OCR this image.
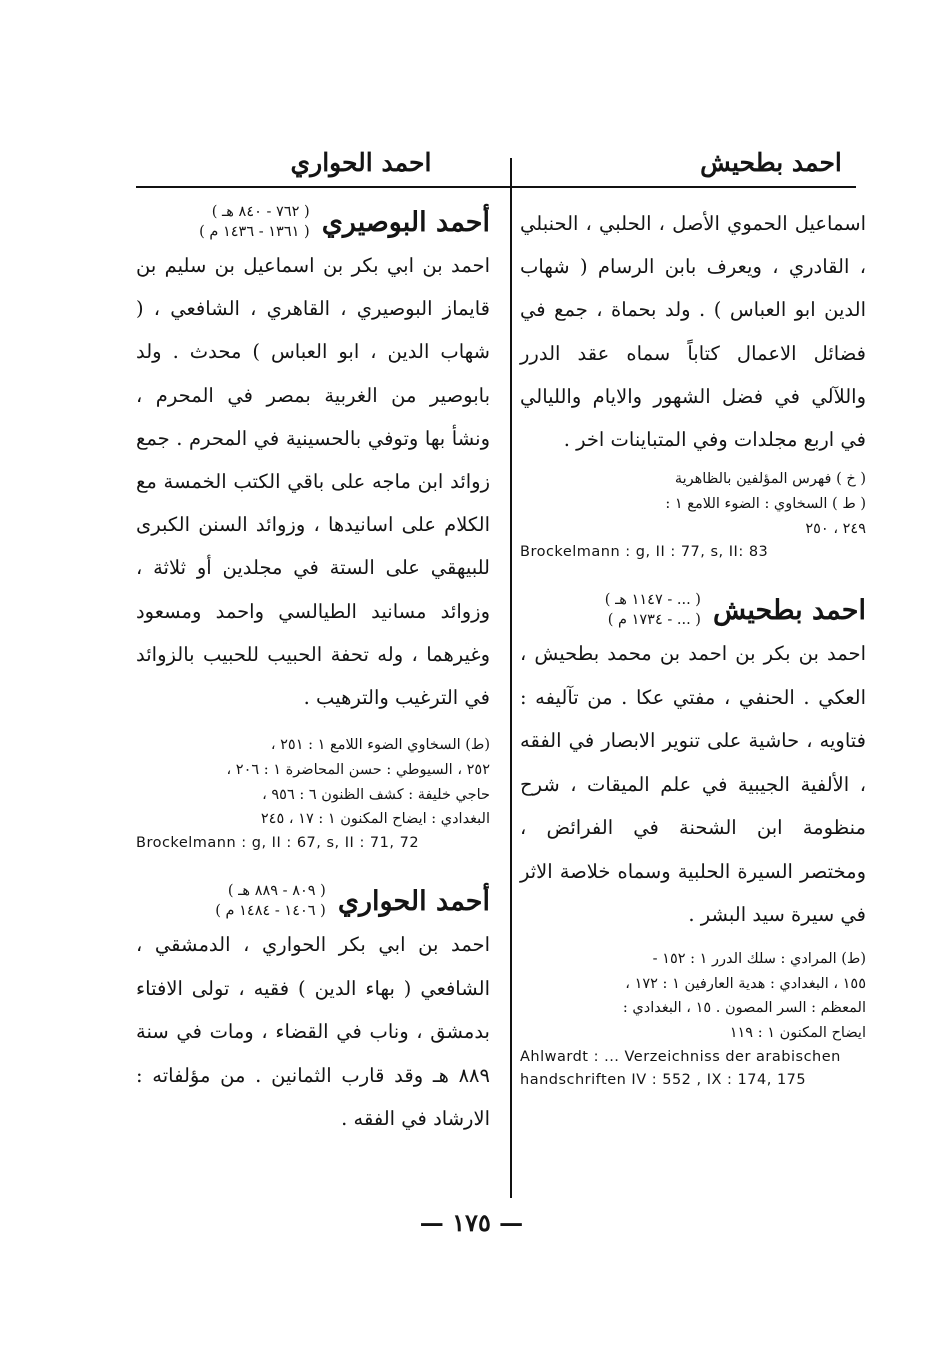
احمد بطحيش
احمد الحواري
اسماعيل الحموي الأصل ، الحلبي ، الحنبلي ، القادري ، ويعرف بابن الرسام ( شهاب الدين ابو العباس ) . ولد بحماة ، جمع في فضائل الاعمال كتاباً سماه عقد الدرر واللآلي في فضل الشهور والايام والليالي في اربع مجلدات وفي المتباينات اخر .
( خ ) فهرس المؤلفين بالظاهرية
( ط ) السخاوي : الضوء اللامع ١ :
٢٤٩ ، ٢٥٠
Brockelmann : g, II : 77, s, II: 83
احمد بطحيش
( ... - ١١٤٧ هـ )
( ... - ١٧٣٤ م )
احمد بن بكر بن احمد بن محمد بطحيش ، العكي . الحنفي ، مفتي عكا . من تآليفه : فتاويه ، حاشية على تنوير الابصار في الفقه ، الألفية الجيبية في علم الميقات ، شرح منظومة ابن الشحنة في الفرائض ، ومختصر السيرة الحلبية وسماه خلاصة الاثر في سيرة سيد البشر .
(ط) المرادي : سلك الدرر ١ : ١٥٢ -
١٥٥ ، البغدادي : هدية العارفين ١ : ١٧٢ ،
المعظم : السر المصون . ١٥ ، البغدادي :
ايضاح المكنون ١ : ١١٩
Ahlwardt : ... Verzeichniss der arabischen handschriften IV : 552 , IX : 174, 175
أحمد البوصيري
( ٧٦٢ - ٨٤٠ هـ )
( ١٣٦١ - ١٤٣٦ م )
احمد بن ابي بكر بن اسماعيل بن سليم بن قايماز البوصيري ، القاهري ، الشافعي ، ( شهاب الدين ، ابو العباس ) محدث . ولد بابوصير من الغربية بمصر في المحرم ، ونشأ بها وتوفي بالحسينية في المحرم . جمع زوائد ابن ماجه على باقي الكتب الخمسة مع الكلام على اسانيدها ، وزوائد السنن الكبرى للبيهقي على الستة في مجلدين أو ثلاثة ، وزوائد مسانيد الطيالسي واحمد ومسعود وغيرهما ، وله تحفة الحبيب للحبيب بالزوائد في الترغيب والترهيب .
(ط) السخاوي الضوء اللامع ١ : ٢٥١ ،
٢٥٢ ، السيوطي : حسن المحاضرة ١ : ٢٠٦ ،
حاجي خليفة : كشف الظنون ٦ : ٩٥٦ ،
البغدادي : ايضاح المكنون ١ : ١٧ ، ٢٤٥
Brockelmann : g, II : 67, s, II : 71, 72
أحمد الحواري
( ٨٠٩ - ٨٨٩ هـ )
( ١٤٠٦ - ١٤٨٤ م )
احمد بن ابي بكر الحواري ، الدمشقي ، الشافعي ( بهاء الدين ) فقيه ، تولى الافتاء بدمشق ، وناب في القضاء ، ومات في سنة ٨٨٩ هـ وقد قارب الثمانين . من مؤلفاته : الارشاد في الفقه .
— ١٧٥ —
